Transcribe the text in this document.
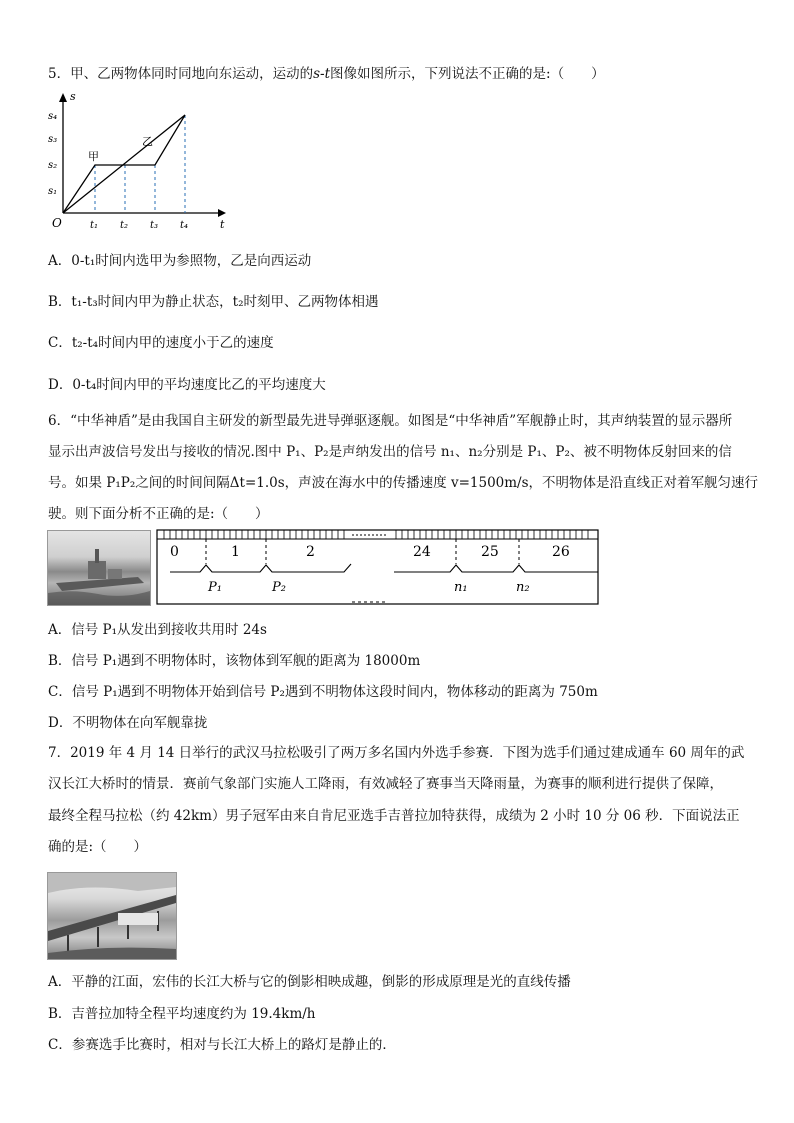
5．甲、乙两物体同时同地向东运动，运动的s-t图像如图所示，下列说法不正确的是:（　　）
s
t
O
s₁
s₂
s₃
s₄
甲
乙
t₁ t₂ t₃ t₄
A．0-t₁时间内选甲为参照物，乙是向西运动
B．t₁-t₃时间内甲为静止状态，t₂时刻甲、乙两物体相遇
C．t₂-t₄时间内甲的速度小于乙的速度
D．0-t₄时间内甲的平均速度比乙的平均速度大
6．“中华神盾”是由我国自主研发的新型最先进导弹驱逐舰。如图是“中华神盾”军舰静止时，其声纳装置的显示器所
显示出声波信号发出与接收的情况.图中 P₁、P₂是声纳发出的信号 n₁、n₂分别是 P₁、P₂、被不明物体反射回来的信
号。如果 P₁P₂之间的时间间隔Δt=1.0s，声波在海水中的传播速度 v=1500m/s，不明物体是沿直线正对着军舰匀速行
驶。则下面分析不正确的是:（　　）
0	1	2	24	25	26
P₁	P₂	n₁	n₂
A．信号 P₁从发出到接收共用时 24s
B．信号 P₁遇到不明物体时，该物体到军舰的距离为 18000m
C．信号 P₁遇到不明物体开始到信号 P₂遇到不明物体这段时间内，物体移动的距离为 750m
D．不明物体在向军舰靠拢
7．2019 年 4 月 14 日举行的武汉马拉松吸引了两万多名国内外选手参赛．下图为选手们通过建成通车 60 周年的武
汉长江大桥时的情景．赛前气象部门实施人工降雨，有效减轻了赛事当天降雨量，为赛事的顺利进行提供了保障，
最终全程马拉松（约 42km）男子冠军由来自肯尼亚选手吉普拉加特获得，成绩为 2 小时 10 分 06 秒．下面说法正
确的是:（　　）
A．平静的江面，宏伟的长江大桥与它的倒影相映成趣，倒影的形成原理是光的直线传播
B．吉普拉加特全程平均速度约为 19.4km/h
C．参赛选手比赛时，相对与长江大桥上的路灯是静止的．
